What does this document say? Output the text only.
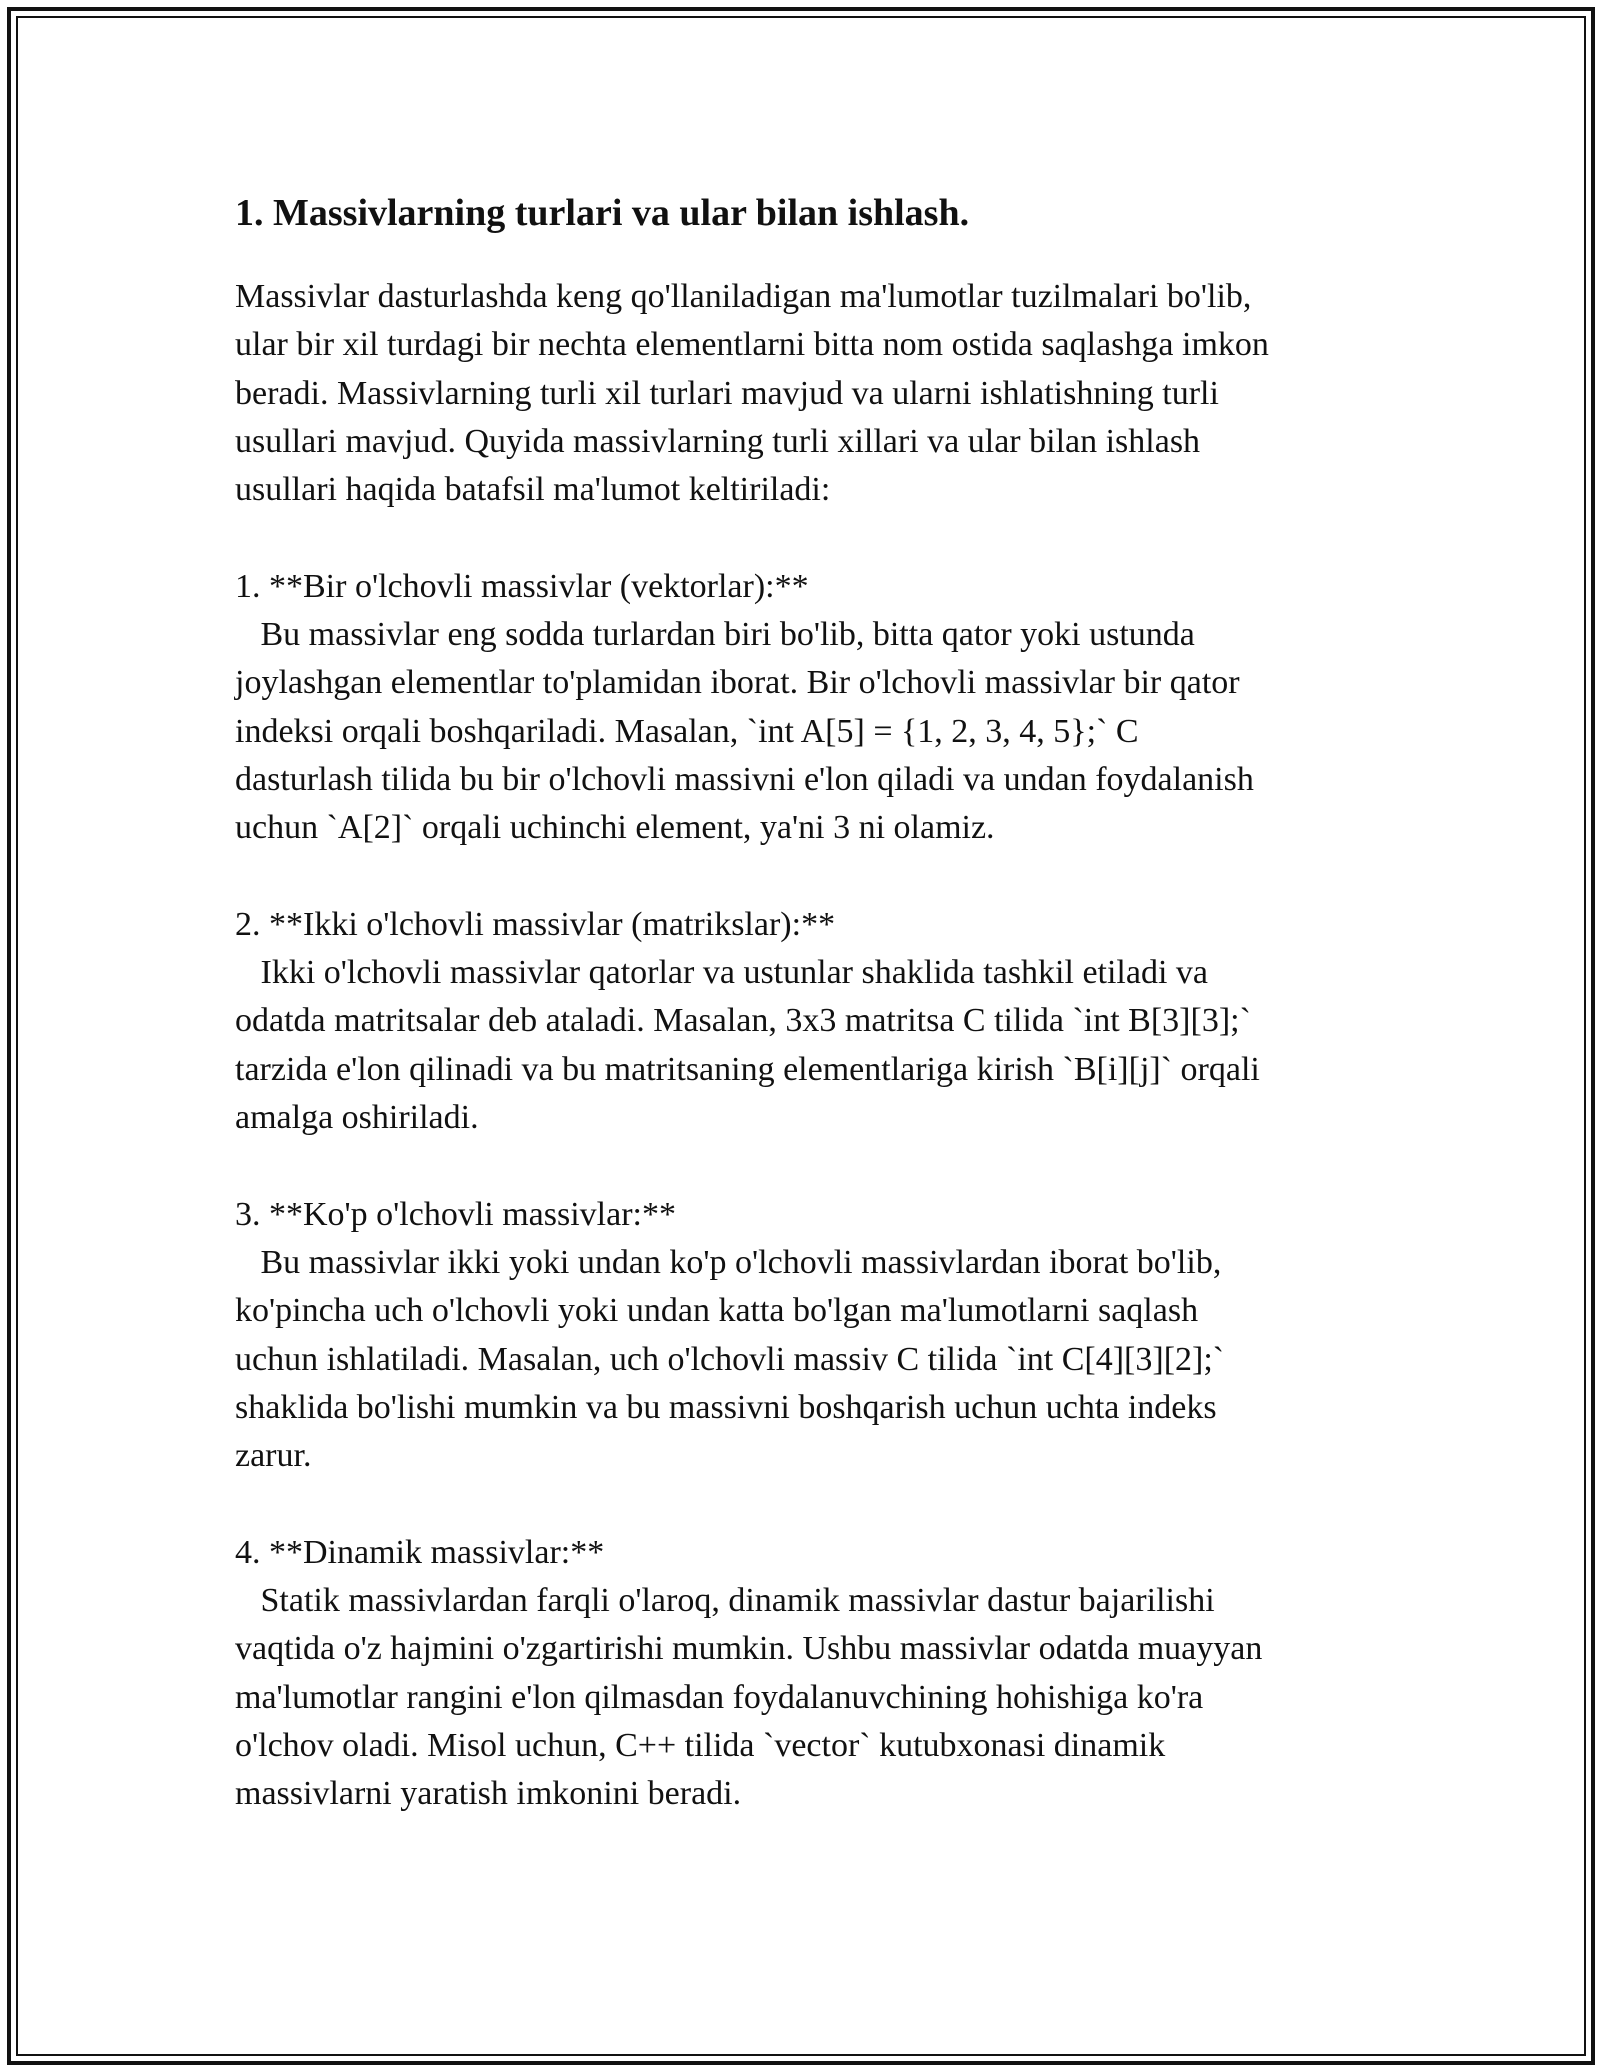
1. Massivlarning turlari va ular bilan ishlash.

Massivlar dasturlashda keng qo'llaniladigan ma'lumotlar tuzilmalari bo'lib,
ular bir xil turdagi bir nechta elementlarni bitta nom ostida saqlashga imkon
beradi. Massivlarning turli xil turlari mavjud va ularni ishlatishning turli
usullari mavjud. Quyida massivlarning turli xillari va ular bilan ishlash
usullari haqida batafsil ma'lumot keltiriladi:

1. **Bir o'lchovli massivlar (vektorlar):**

Bu massivlar eng sodda turlardan biri bo'lib, bitta qator yoki ustunda
joylashgan elementlar to'plamidan iborat. Bir o'lchovli massivlar bir qator
indeksi orqali boshqariladi. Masalan, `int A[5] = {1, 2, 3, 4, 5};` C
dasturlash tilida bu bir o'lchovli massivni e'lon qiladi va undan foydalanish
uchun `A[2]` orqali uchinchi element, ya'ni 3 ni olamiz.

2. **Ikki o'lchovli massivlar (matrikslar):**

Ikki o'lchovli massivlar qatorlar va ustunlar shaklida tashkil etiladi va
odatda matritsalar deb ataladi. Masalan, 3x3 matritsa C tilida `int B[3][3];`
tarzida e'lon qilinadi va bu matritsaning elementlariga kirish `B[i][j]` orqali
amalga oshiriladi.

3. **Ko'p o'lchovli massivlar:**

Bu massivlar ikki yoki undan ko'p o'lchovli massivlardan iborat bo'lib,
ko'pincha uch o'lchovli yoki undan katta bo'lgan ma'lumotlarni saqlash
uchun ishlatiladi. Masalan, uch o'lchovli massiv C tilida `int C[4][3][2];`
shaklida bo'lishi mumkin va bu massivni boshqarish uchun uchta indeks
zarur.

4. **Dinamik massivlar:**

Statik massivlardan farqli o'laroq, dinamik massivlar dastur bajarilishi
vaqtida o'z hajmini o'zgartirishi mumkin. Ushbu massivlar odatda muayyan
ma'lumotlar rangini e'lon qilmasdan foydalanuvchining hohishiga ko'ra
o'lchov oladi. Misol uchun, C++ tilida `vector` kutubxonasi dinamik
massivlarni yaratish imkonini beradi.
